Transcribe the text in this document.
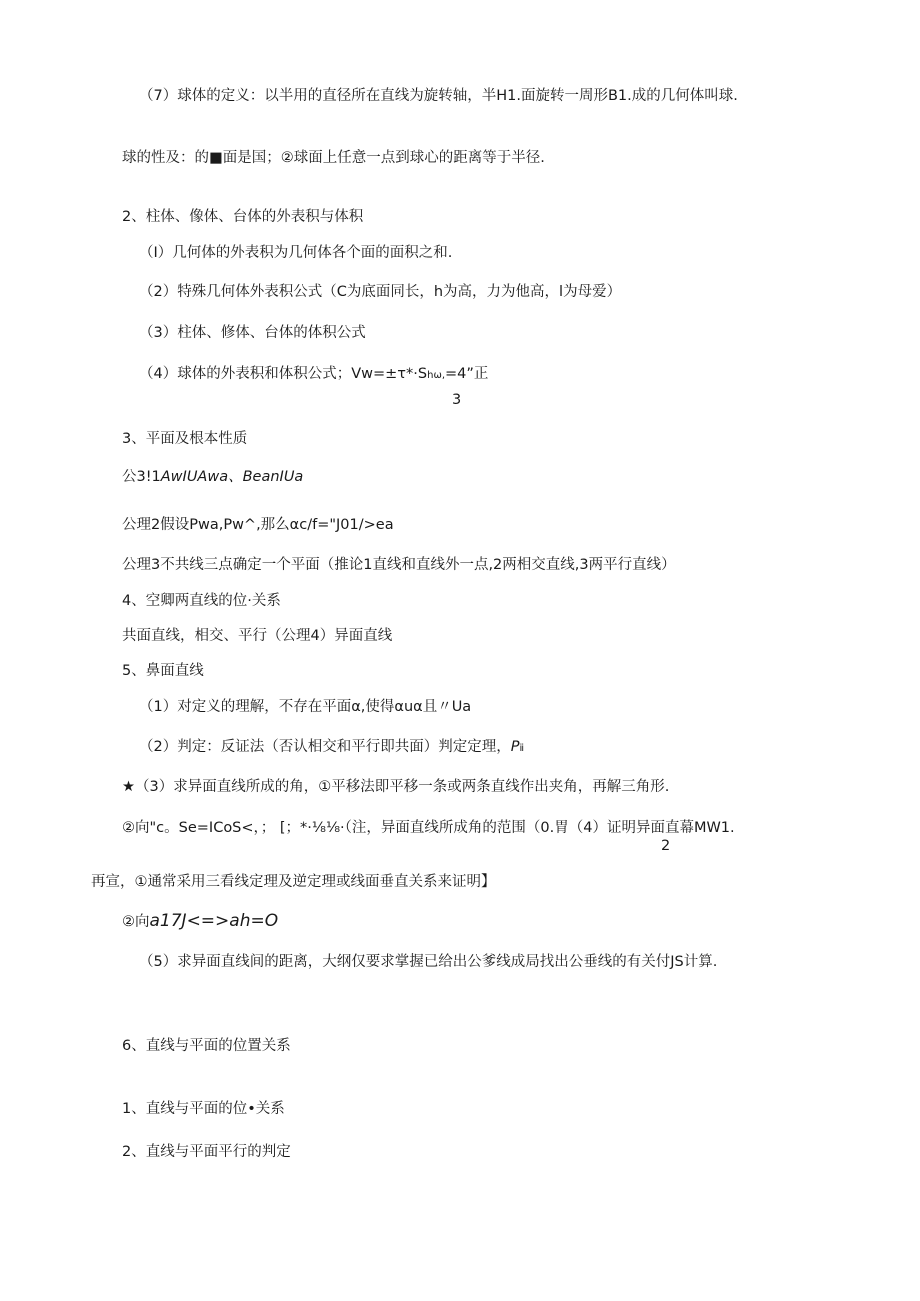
（7）球体的定义：以半用的直径所在直线为旋转轴，半H1.面旋转一周形B1.成的几何体叫球.
球的性及：的■面是国；②球面上任意一点到球心的距离等于半径.
2、柱体、像体、台体的外表积与体积
（I）几何体的外表积为几何体各个面的面积之和.
（2）特殊几何体外表积公式（C为底面同长，h为高，力为他高，l为母爱）
（3）柱体、修体、台体的体积公式
（4）球体的外表积和体积公式；Vw=±τ*·Shω,=4”正
3
3、平面及根本性质
公3!1AwIUAwa、BeanIUa
公理2假设Pwa,Pw^,那么αc/f="J01/>ea
公理3不共线三点确定一个平面（推论1直线和直线外一点,2两相交直线,3两平行直线）
4、空卿两直线的位·关系
共面直线，相交、平行（公理4）异面直线
5、鼻面直线
（1）对定义的理解，不存在平面α,使得αuα且〃Ua
（2）判定：反证法（否认相交和平行即共面）判定定理，Pⅱ
★（3）求异面直线所成的角，①平移法即平移一条或两条直线作出夹角，再解三角形.
②向"c。Se=ICoS<，； [；*·⅛⅛·（注，异面直线所成角的范围（0.胃（4）证明异面直幕MW1.
2
再宣，①通常采用三看线定理及逆定理或线面垂直关系来证明】
②向a17J<=>ah=O
（5）求异面直线间的距离，大纲仅要求掌握已给出公爹线成局找出公垂线的有关付JS计算.
6、直线与平面的位置关系
1、直线与平面的位•关系
2、直线与平面平行的判定
